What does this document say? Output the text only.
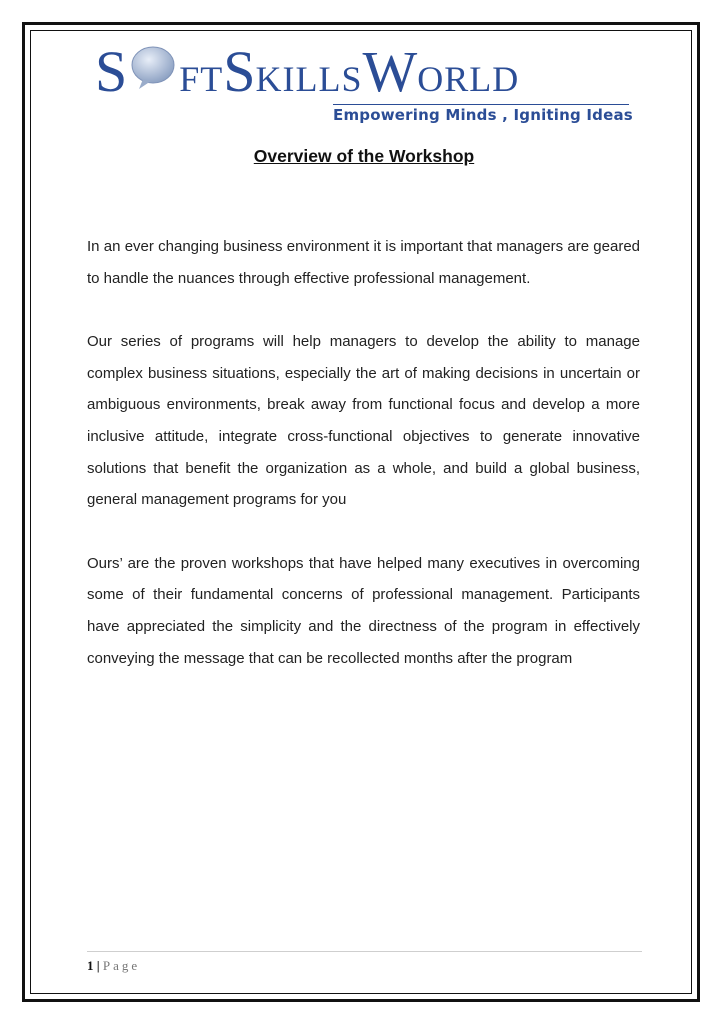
S FTSKILLSWORLD
Empowering Minds , Igniting Ideas
Overview of the Workshop

In an ever changing business environment it is important that managers are geared to handle the nuances through effective professional management.

Our series of programs will help managers to develop the ability to manage complex business situations, especially the art of making decisions in uncertain or ambiguous environments, break away from functional focus and develop a more inclusive attitude, integrate cross-functional objectives to generate innovative solutions that benefit the organization as a whole, and build a global business, general management programs for you

Ours’ are the proven workshops that have helped many executives in overcoming some of their fundamental concerns of professional management. Participants have appreciated the simplicity and the directness of the program in effectively conveying the message that can be recollected months after the program

1 | Page
